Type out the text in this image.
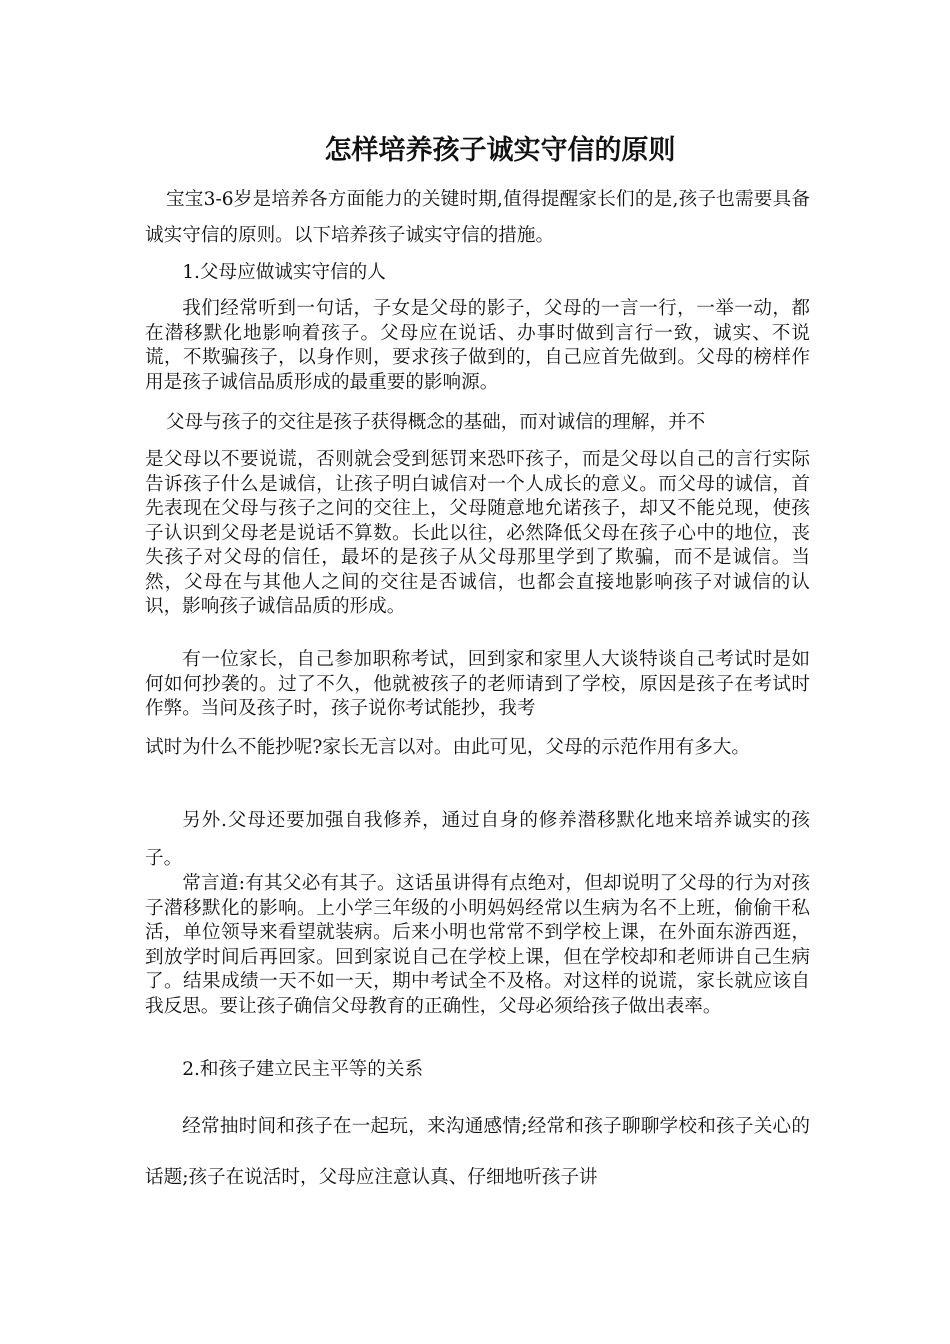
怎样培养孩子诚实守信的原则

宝宝3-6岁是培养各方面能力的关键时期,值得提醒家长们的是,孩子也需要具备诚实守信的原则。以下培养孩子诚实守信的措施。

1.父母应做诚实守信的人

我们经常听到一句话，子女是父母的影子，父母的一言一行，一举一动，都在潜移默化地影响着孩子。父母应在说话、办事时做到言行一致，诚实、不说谎，不欺骗孩子，以身作则，要求孩子做到的，自己应首先做到。父母的榜样作用是孩子诚信品质形成的最重要的影响源。

父母与孩子的交往是孩子获得概念的基础，而对诚信的理解，并不

是父母以不要说谎，否则就会受到惩罚来恐吓孩子，而是父母以自己的言行实际告诉孩子什么是诚信，让孩子明白诚信对一个人成长的意义。而父母的诚信，首先表现在父母与孩子之问的交往上，父母随意地允诺孩子，却又不能兑现，使孩子认识到父母老是说话不算数。长此以往，必然降低父母在孩子心中的地位，丧失孩子对父母的信任，最坏的是孩子从父母那里学到了欺骗，而不是诚信。当然，父母在与其他人之间的交往是否诚信，也都会直接地影响孩子对诚信的认识，影响孩子诚信品质的形成。

有一位家长，自己参加职称考试，回到家和家里人大谈特谈自己考试时是如何如何抄袭的。过了不久，他就被孩子的老师请到了学校，原因是孩子在考试时作弊。当问及孩子时，孩子说你考试能抄，我考

试时为什么不能抄呢?家长无言以对。由此可见，父母的示范作用有多大。

另外.父母还要加强自我修养，通过自身的修养潜移默化地来培养诚实的孩子。

常言道:有其父必有其子。这话虽讲得有点绝对，但却说明了父母的行为对孩子潜移默化的影响。上小学三年级的小明妈妈经常以生病为名不上班，偷偷干私活，单位领导来看望就装病。后来小明也常常不到学校上课，在外面东游西逛，到放学时间后再回家。回到家说自己在学校上课，但在学校却和老师讲自己生病了。结果成绩一天不如一天，期中考试全不及格。对这样的说谎，家长就应该自我反思。要让孩子确信父母教育的正确性，父母必须给孩子做出表率。

2.和孩子建立民主平等的关系

经常抽时间和孩子在一起玩，来沟通感情;经常和孩子聊聊学校和孩子关心的话题;孩子在说活时，父母应注意认真、仔细地听孩子讲
